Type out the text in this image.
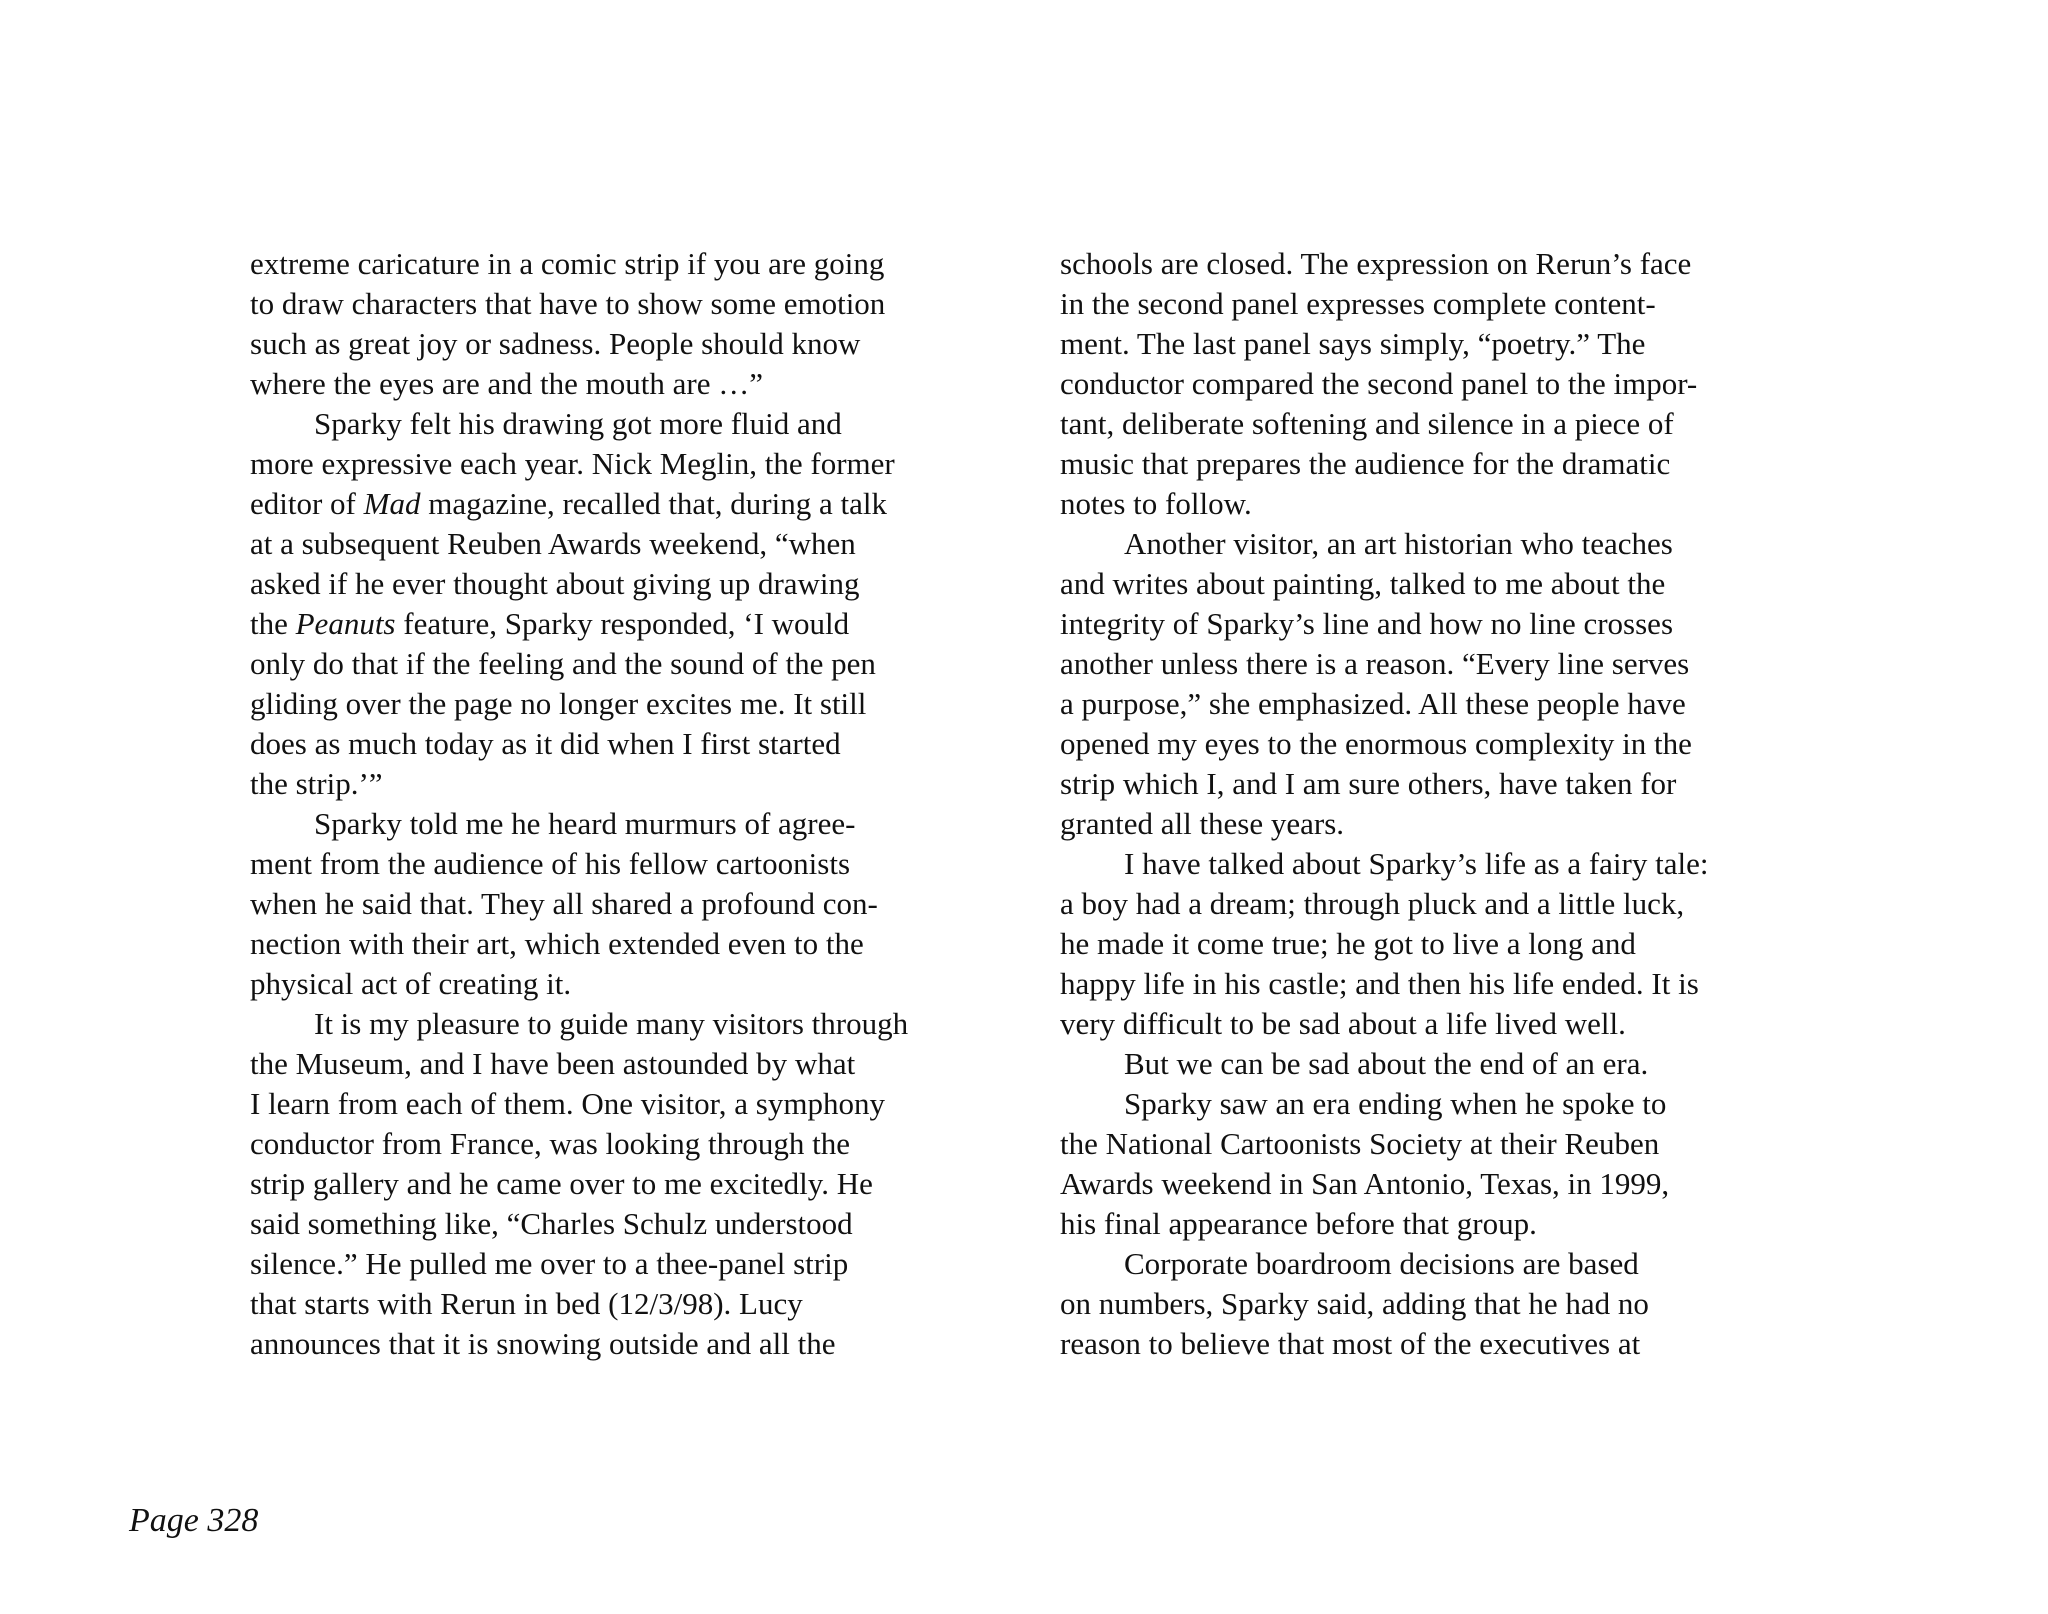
extreme caricature in a comic strip if you are going
to draw characters that have to show some emotion
such as great joy or sadness. People should know
where the eyes are and the mouth are …”
Sparky felt his drawing got more fluid and
more expressive each year. Nick Meglin, the former
editor of Mad magazine, recalled that, during a talk
at a subsequent Reuben Awards weekend, “when
asked if he ever thought about giving up drawing
the Peanuts feature, Sparky responded, ‘I would
only do that if the feeling and the sound of the pen
gliding over the page no longer excites me. It still
does as much today as it did when I first started
the strip.’”
Sparky told me he heard murmurs of agree-
ment from the audience of his fellow cartoonists
when he said that. They all shared a profound con-
nection with their art, which extended even to the
physical act of creating it.
It is my pleasure to guide many visitors through
the Museum, and I have been astounded by what
I learn from each of them. One visitor, a symphony
conductor from France, was looking through the
strip gallery and he came over to me excitedly. He
said something like, “Charles Schulz understood
silence.” He pulled me over to a thee-panel strip
that starts with Rerun in bed (12/3/98). Lucy
announces that it is snowing outside and all the
schools are closed. The expression on Rerun’s face
in the second panel expresses complete content-
ment. The last panel says simply, “poetry.” The
conductor compared the second panel to the impor-
tant, deliberate softening and silence in a piece of
music that prepares the audience for the dramatic
notes to follow.
Another visitor, an art historian who teaches
and writes about painting, talked to me about the
integrity of Sparky’s line and how no line crosses
another unless there is a reason. “Every line serves
a purpose,” she emphasized. All these people have
opened my eyes to the enormous complexity in the
strip which I, and I am sure others, have taken for
granted all these years.
I have talked about Sparky’s life as a fairy tale:
a boy had a dream; through pluck and a little luck,
he made it come true; he got to live a long and
happy life in his castle; and then his life ended. It is
very difficult to be sad about a life lived well.
But we can be sad about the end of an era.
Sparky saw an era ending when he spoke to
the National Cartoonists Society at their Reuben
Awards weekend in San Antonio, Texas, in 1999,
his final appearance before that group.
Corporate boardroom decisions are based
on numbers, Sparky said, adding that he had no
reason to believe that most of the executives at
Page 328
